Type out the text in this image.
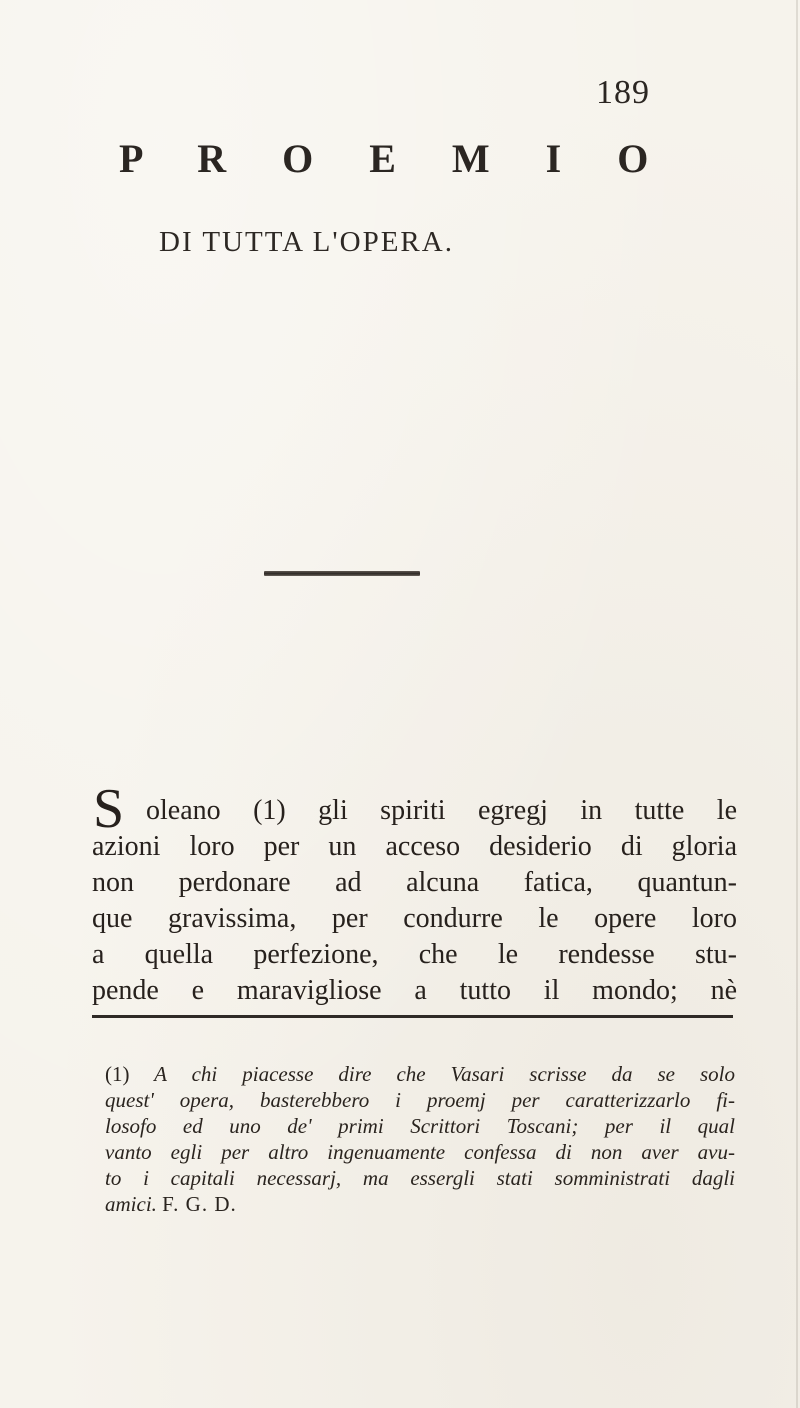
189
P R O E M I O
DI TUTTA L'OPERA.
S oleano (1) gli spiriti egregj in tutte le
azioni loro per un acceso desiderio di gloria
non perdonare ad alcuna fatica, quantun-
que gravissima, per condurre le opere loro
a quella perfezione, che le rendesse stu-
pende e maravigliose a tutto il mondo; nè
(1) A chi piacesse dire che Vasari scrisse da se solo
quest' opera, basterebbero i proemj per caratterizzarlo fi-
losofo ed uno de' primi Scrittori Toscani; per il qual
vanto egli per altro ingenuamente confessa di non aver avu-
to i capitali necessarj, ma essergli stati somministrati dagli
amici. F. G. D.
